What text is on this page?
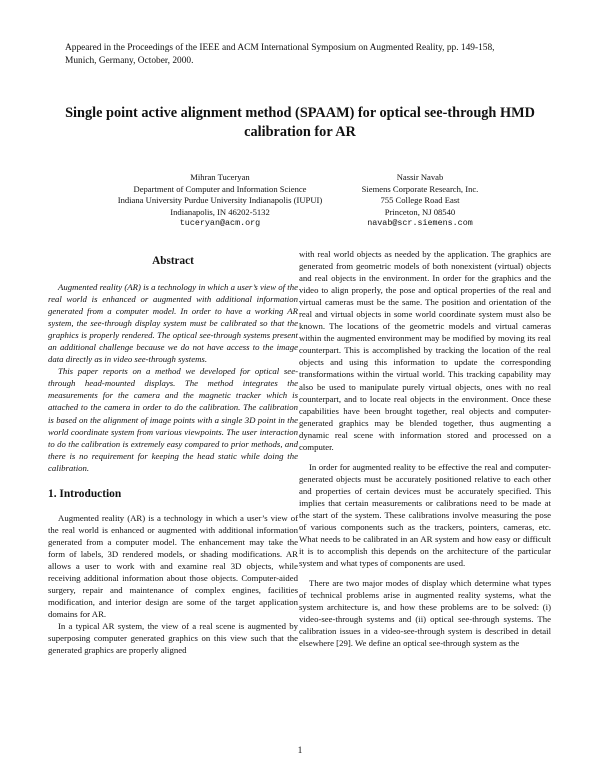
Appeared in the Proceedings of the IEEE and ACM International Symposium on Augmented Reality, pp. 149-158,
Munich, Germany, October, 2000.
Single point active alignment method (SPAAM) for optical see-through HMD
calibration for AR
Mihran Tuceryan
Department of Computer and Information Science
Indiana University Purdue University Indianapolis (IUPUI)
Indianapolis, IN 46202-5132
tuceryan@acm.org
Nassir Navab
Siemens Corporate Research, Inc.
755 College Road East
Princeton, NJ 08540
navab@scr.siemens.com
Abstract

Augmented reality (AR) is a technology in which a user’s view of the real world is enhanced or augmented with additional information generated from a computer model. In order to have a working AR system, the see-through display system must be calibrated so that the graphics is properly rendered. The optical see-through systems present an additional challenge because we do not have access to the image data directly as in video see-through systems.

This paper reports on a method we developed for optical see-through head-mounted displays. The method integrates the measurements for the camera and the magnetic tracker which is attached to the camera in order to do the calibration. The calibration is based on the alignment of image points with a single 3D point in the world coordinate system from various viewpoints. The user interaction to do the calibration is extremely easy compared to prior methods, and there is no requirement for keeping the head static while doing the calibration.

1. Introduction

Augmented reality (AR) is a technology in which a user’s view of the real world is enhanced or augmented with additional information generated from a computer model. The enhancement may take the form of labels, 3D rendered models, or shading modifications. AR allows a user to work with and examine real 3D objects, while receiving additional information about those objects. Computer-aided surgery, repair and maintenance of complex engines, facilities modification, and interior design are some of the target application domains for AR.

In a typical AR system, the view of a real scene is augmented by superposing computer generated graphics on this view such that the generated graphics are properly aligned

with real world objects as needed by the application. The graphics are generated from geometric models of both nonexistent (virtual) objects and real objects in the environment. In order for the graphics and the video to align properly, the pose and optical properties of the real and virtual cameras must be the same. The position and orientation of the real and virtual objects in some world coordinate system must also be known. The locations of the geometric models and virtual cameras within the augmented environment may be modified by moving its real counterpart. This is accomplished by tracking the location of the real objects and using this information to update the corresponding transformations within the virtual world. This tracking capability may also be used to manipulate purely virtual objects, ones with no real counterpart, and to locate real objects in the environment. Once these capabilities have been brought together, real objects and computer-generated graphics may be blended together, thus augmenting a dynamic real scene with information stored and processed on a computer.

In order for augmented reality to be effective the real and computer-generated objects must be accurately positioned relative to each other and properties of certain devices must be accurately specified. This implies that certain measurements or calibrations need to be made at the start of the system. These calibrations involve measuring the pose of various components such as the trackers, pointers, cameras, etc. What needs to be calibrated in an AR system and how easy or difficult it is to accomplish this depends on the architecture of the particular system and what types of components are used.

There are two major modes of display which determine what types of technical problems arise in augmented reality systems, what the system architecture is, and how these problems are to be solved: (i) video-see-through systems and (ii) optical see-through systems. The calibration issues in a video-see-through system is described in detail elsewhere [29]. We define an optical see-through system as the

1
